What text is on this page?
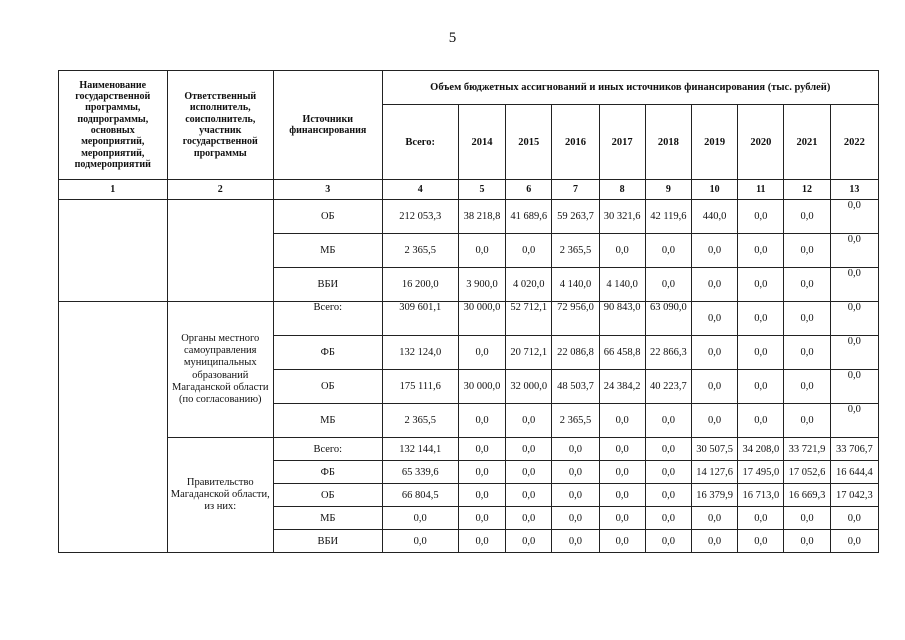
5
Наименование государственной программы, подпрограммы, основных мероприятий, мероприятий, подмероприятий	Ответственный исполнитель, соисполнитель, участник государственной программы	Источники финансирования	Объем бюджетных ассигнований и иных источников финансирования (тыс. рублей)									
			Всего:	2014	2015	2016	2017	2018	2019	2020	2021	2022
1	2	3	4	5	6	7	8	9	10	11	12	13
		ОБ	212 053,3	38 218,8	41 689,6	59 263,7	30 321,6	42 119,6	440,0	0,0	0,0	0,0
		МБ	2 365,5	0,0	0,0	2 365,5	0,0	0,0	0,0	0,0	0,0	0,0
		ВБИ	16 200,0	3 900,0	4 020,0	4 140,0	4 140,0	0,0	0,0	0,0	0,0	0,0
	Органы местного самоуправления муниципальных образований Магаданской области (по согласованию)	Всего:	309 601,1	30 000,0	52 712,1	72 956,0	90 843,0	63 090,0	0,0	0,0	0,0	0,0
		ФБ	132 124,0	0,0	20 712,1	22 086,8	66 458,8	22 866,3	0,0	0,0	0,0	0,0
		ОБ	175 111,6	30 000,0	32 000,0	48 503,7	24 384,2	40 223,7	0,0	0,0	0,0	0,0
		МБ	2 365,5	0,0	0,0	2 365,5	0,0	0,0	0,0	0,0	0,0	0,0
	Правительство Магаданской области, из них:	Всего:	132 144,1	0,0	0,0	0,0	0,0	0,0	30 507,5	34 208,0	33 721,9	33 706,7
		ФБ	65 339,6	0,0	0,0	0,0	0,0	0,0	14 127,6	17 495,0	17 052,6	16 644,4
		ОБ	66 804,5	0,0	0,0	0,0	0,0	0,0	16 379,9	16 713,0	16 669,3	17 042,3
		МБ	0,0	0,0	0,0	0,0	0,0	0,0	0,0	0,0	0,0	0,0
		ВБИ	0,0	0,0	0,0	0,0	0,0	0,0	0,0	0,0	0,0	0,0
